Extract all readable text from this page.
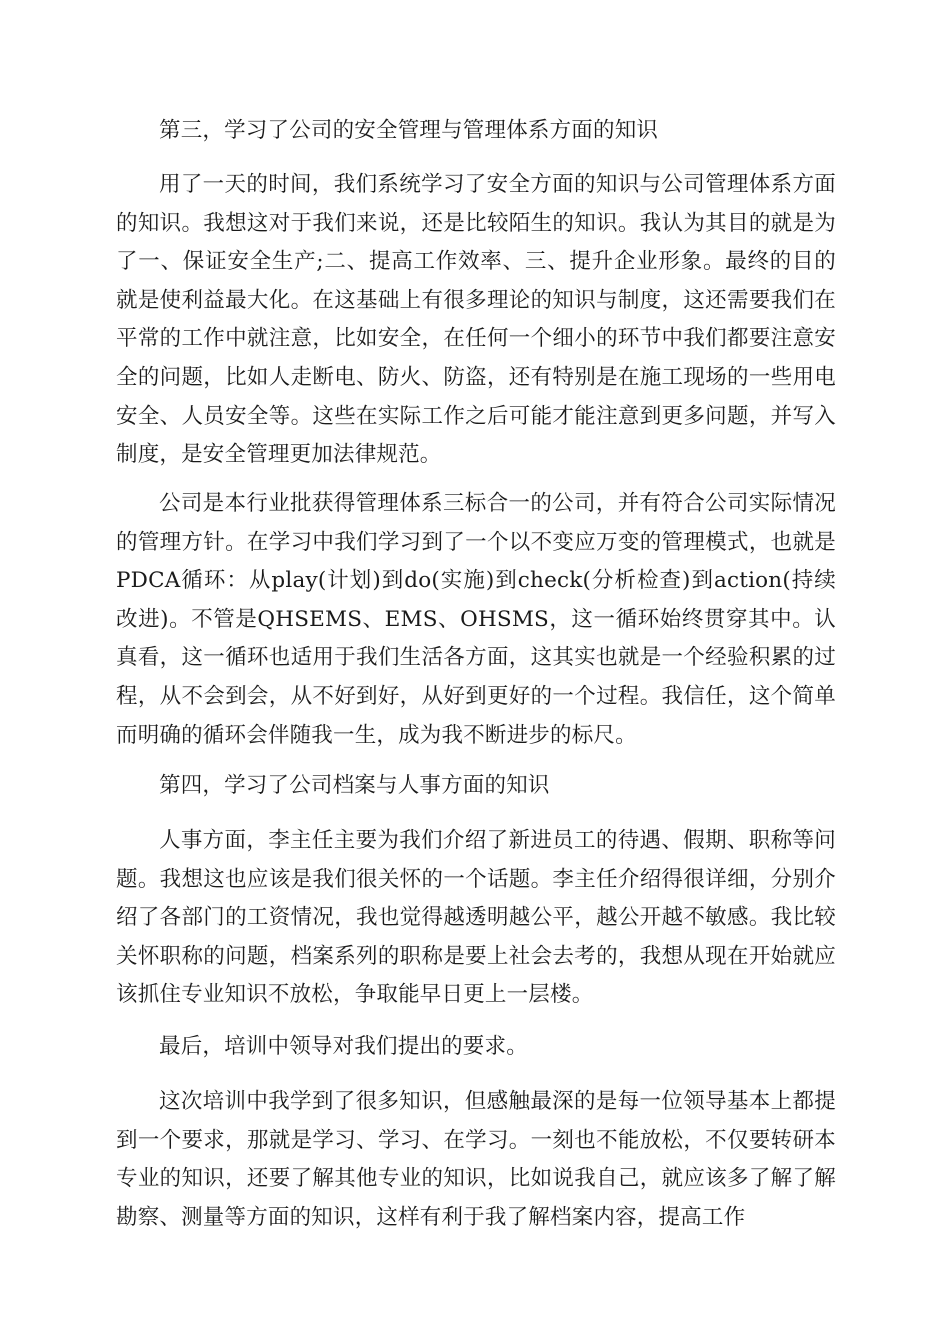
第三，学习了公司的安全管理与管理体系方面的知识

用了一天的时间，我们系统学习了安全方面的知识与公司管理体系方面的知识。我想这对于我们来说，还是比较陌生的知识。我认为其目的就是为了一、保证安全生产;二、提高工作效率、三、提升企业形象。最终的目的就是使利益最大化。在这基础上有很多理论的知识与制度，这还需要我们在平常的工作中就注意，比如安全，在任何一个细小的环节中我们都要注意安全的问题，比如人走断电、防火、防盗，还有特别是在施工现场的一些用电安全、人员安全等。这些在实际工作之后可能才能注意到更多问题，并写入制度，是安全管理更加法律规范。

公司是本行业批获得管理体系三标合一的公司，并有符合公司实际情况的管理方针。在学习中我们学习到了一个以不变应万变的管理模式，也就是PDCA循环：从play(计划)到do(实施)到check(分析检查)到action(持续改进)。不管是QHSEMS、EMS、OHSMS，这一循环始终贯穿其中。认真看，这一循环也适用于我们生活各方面，这其实也就是一个经验积累的过程，从不会到会，从不好到好，从好到更好的一个过程。我信任，这个简单而明确的循环会伴随我一生，成为我不断进步的标尺。

第四，学习了公司档案与人事方面的知识

人事方面，李主任主要为我们介绍了新进员工的待遇、假期、职称等问题。我想这也应该是我们很关怀的一个话题。李主任介绍得很详细，分别介绍了各部门的工资情况，我也觉得越透明越公平，越公开越不敏感。我比较关怀职称的问题，档案系列的职称是要上社会去考的，我想从现在开始就应该抓住专业知识不放松，争取能早日更上一层楼。

最后，培训中领导对我们提出的要求。

这次培训中我学到了很多知识，但感触最深的是每一位领导基本上都提到一个要求，那就是学习、学习、在学习。一刻也不能放松，不仅要转研本专业的知识，还要了解其他专业的知识，比如说我自己，就应该多了解了解勘察、测量等方面的知识，这样有利于我了解档案内容，提高工作
